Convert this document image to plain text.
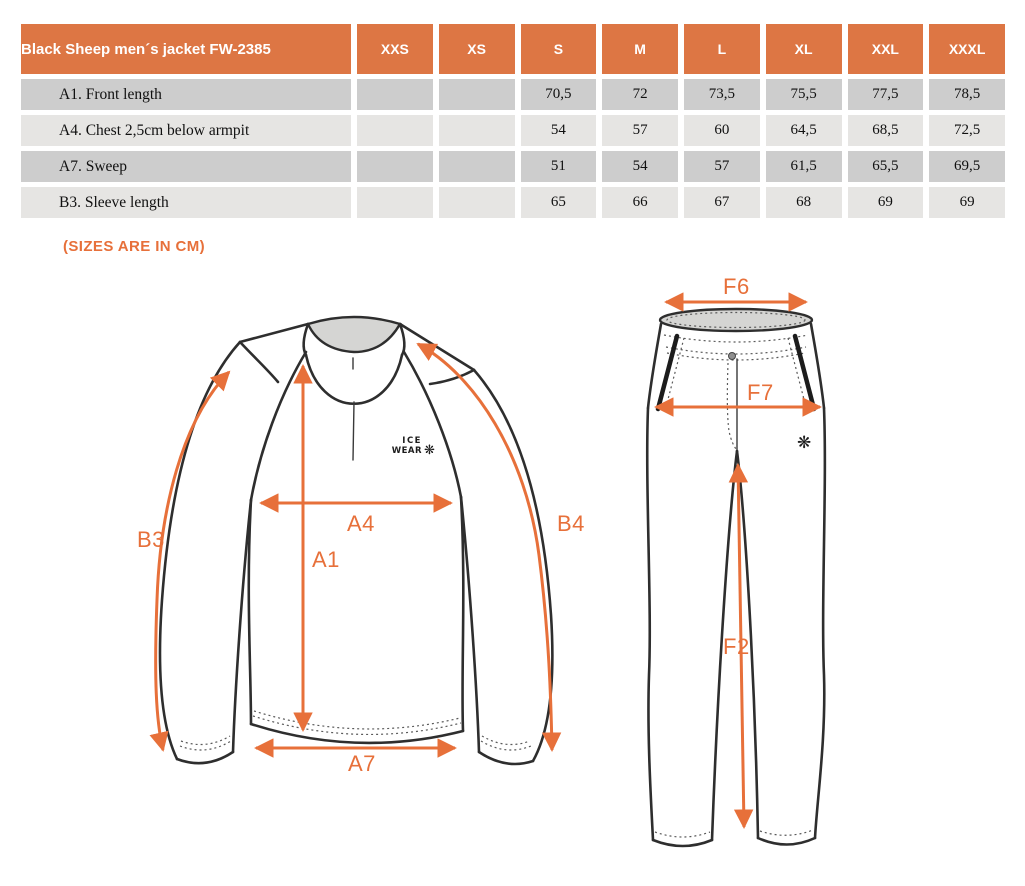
Black Sheep men´s jacket FW-2385	XXS	XS	S	M	L	XL	XXL	XXXL
A1. Front length			70,5	72	73,5	75,5	77,5	78,5
A4. Chest 2,5cm below armpit			54	57	60	64,5	68,5	72,5
A7. Sweep			51	54	57	61,5	65,5	69,5
B3. Sleeve length			65	66	67	68	69	69
(SIZES ARE IN CM)
ICE
WEAR ❋
B3
B4
A1
A4
A7
❋
F6
F7
F2
